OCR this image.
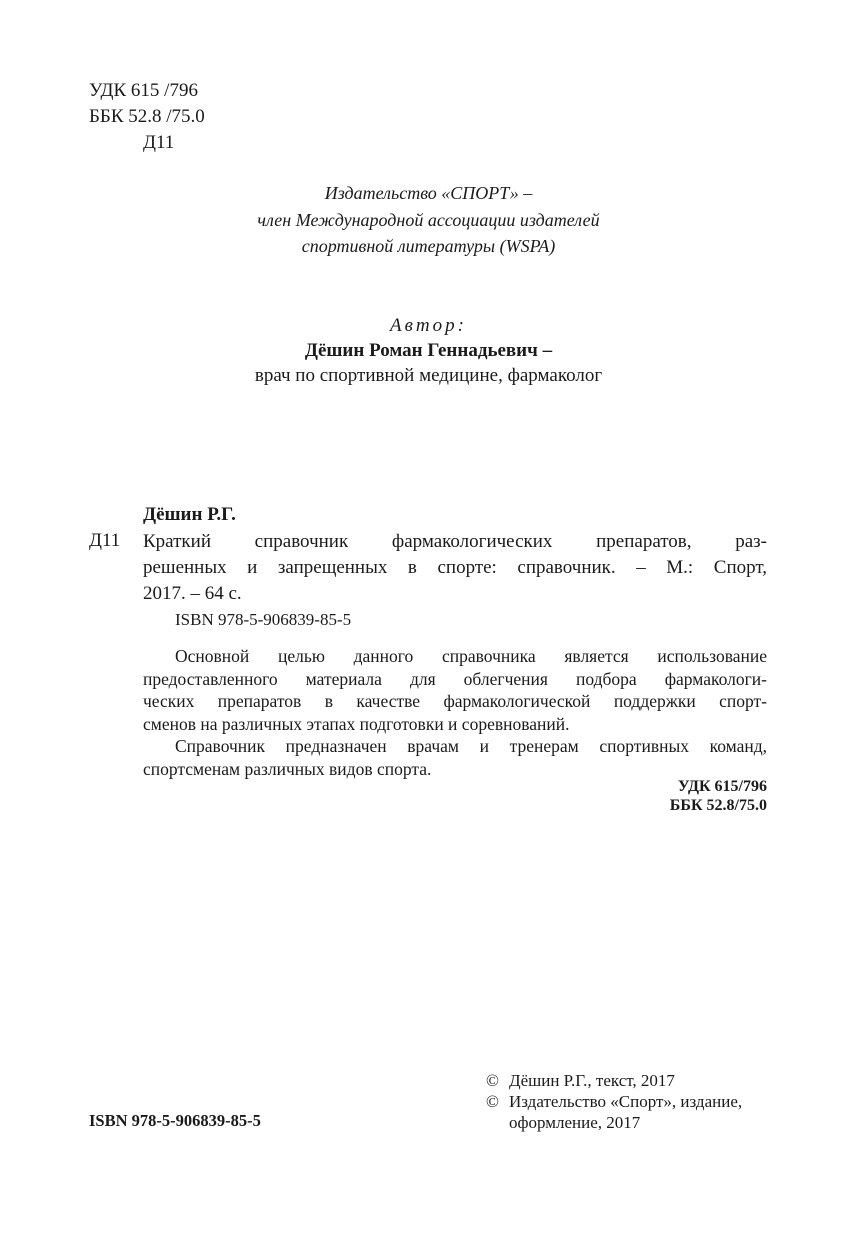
УДК 615 /796
ББК 52.8 /75.0
Д11
Издательство «СПОРТ» –
член Международной ассоциации издателей
спортивной литературы (WSPA)
Автор:
Дёшин Роман Геннадьевич –
врач по спортивной медицине, фармаколог
Дёшин Р.Г.
Д11 Краткий справочник фармакологических препаратов, раз-
решенных и запрещенных в спорте: справочник. – М.: Спорт,
2017. – 64 с.
ISBN 978-5-906839-85-5
Основной целью данного справочника является использование
предоставленного материала для облегчения подбора фармакологи-
ческих препаратов в качестве фармакологической поддержки спорт-
сменов на различных этапах подготовки и соревнований.
Справочник предназначен врачам и тренерам спортивных команд,
спортсменам различных видов спорта.
УДК 615/796
ББК 52.8/75.0
© Дёшин Р.Г., текст, 2017
© Издательство «Спорт», издание,
оформление, 2017
ISBN 978-5-906839-85-5
